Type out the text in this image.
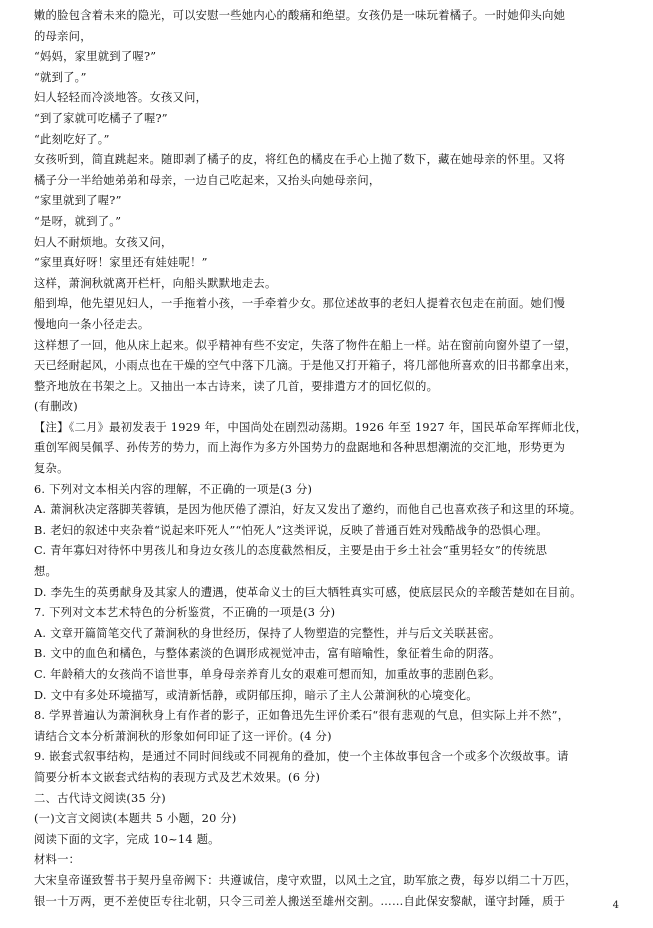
嫩的脸包含着未来的隐光，可以安慰一些她内心的酸痛和绝望。女孩仍是一味玩着橘子。一时她仰头向她
的母亲问，
“妈妈，家里就到了喔?”
“就到了。”
妇人轻轻而冷淡地答。女孩又问，
“到了家就可吃橘子了喔?”
“此刻吃好了。”
女孩听到，简直跳起来。随即剥了橘子的皮，将红色的橘皮在手心上抛了数下，藏在她母亲的怀里。又将
橘子分一半给她弟弟和母亲，一边自己吃起来，又抬头向她母亲问，
“家里就到了喔?”
“是呀，就到了。”
妇人不耐烦地。女孩又问，
“家里真好呀！家里还有娃娃呢！”
这样，萧涧秋就离开栏杆，向船头默默地走去。
船到埠，他先望见妇人，一手拖着小孩，一手牵着少女。那位述故事的老妇人提着衣包走在前面。她们慢
慢地向一条小径走去。
这样想了一回，他从床上起来。似乎精神有些不安定，失落了物件在船上一样。站在窗前向窗外望了一望，
天已经耐起风，小雨点也在干燥的空气中落下几滴。于是他又打开箱子，将几部他所喜欢的旧书都拿出来，
整齐地放在书架之上。又抽出一本古诗来，读了几首，要排遣方才的回忆似的。
(有删改)
【注】《二月》最初发表于 1929 年，中国尚处在剧烈动荡期。1926 年至 1927 年，国民革命军挥师北伐，
重创军阀吴佩孚、孙传芳的势力，而上海作为多方外国势力的盘踞地和各种思想潮流的交汇地，形势更为
复杂。
6. 下列对文本相关内容的理解，不正确的一项是(3 分)
A. 萧涧秋决定落脚芙蓉镇，是因为他厌倦了漂泊，好友又发出了邀约，而他自己也喜欢孩子和这里的环境。
B. 老妇的叙述中夹杂着“说起来吓死人”“怕死人”这类评说，反映了普通百姓对残酷战争的恐惧心理。
C. 青年寡妇对待怀中男孩儿和身边女孩儿的态度截然相反，主要是由于乡土社会“重男轻女”的传统思
想。
D. 李先生的英勇献身及其家人的遭遇，使革命义士的巨大牺牲真实可感，使底层民众的辛酸苦楚如在目前。
7. 下列对文本艺术特色的分析鉴赏，不正确的一项是(3 分)
A. 文章开篇简笔交代了萧涧秋的身世经历，保持了人物塑造的完整性，并与后文关联甚密。
B. 文中的血色和橘色，与整体素淡的色调形成视觉冲击，富有暗喻性，象征着生命的阴落。
C. 年龄稍大的女孩尚不谙世事，单身母亲养育儿女的艰难可想而知，加重故事的悲剧色彩。
D. 文中有多处环境描写，或清新恬静，或阴郁压抑，暗示了主人公萧涧秋的心境变化。
8. 学界普遍认为萧涧秋身上有作者的影子，正如鲁迅先生评价柔石“很有悲观的气息，但实际上并不然”，
请结合文本分析萧涧秋的形象如何印证了这一评价。(4 分)
9. 嵌套式叙事结构，是通过不同时间线或不同视角的叠加，使一个主体故事包含一个或多个次级故事。请
简要分析本文嵌套式结构的表现方式及艺术效果。(6 分)
二、古代诗文阅读(35 分)
(一)文言文阅读(本题共 5 小题，20 分)
阅读下面的文字，完成 10~14 题。
材料一：
大宋皇帝谨致誓书于契丹皇帝阙下：共遵诚信，虔守欢盟，以风土之宜，助军旅之费，每岁以绢二十万匹，
银一十万两，更不差使臣专往北朝，只令三司差人搬送至雄州交割。……自此保安黎献，谨守封陲，质于	4
